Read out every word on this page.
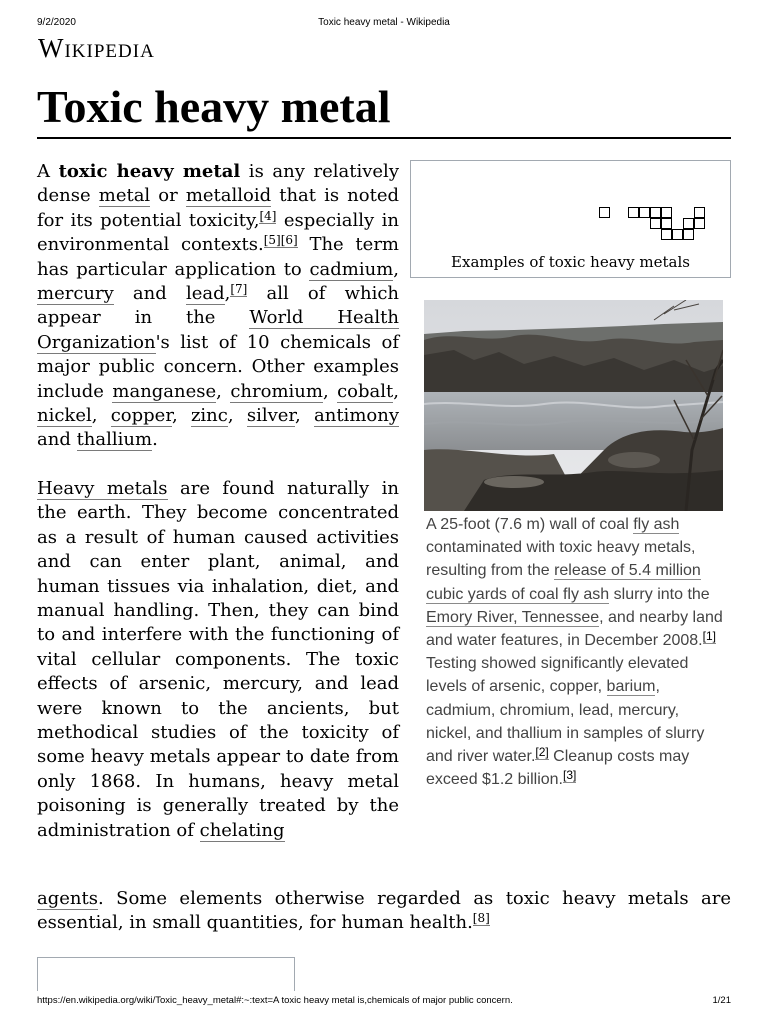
9/2/2020	Toxic heavy metal - Wikipedia
Wikipedia
Toxic heavy metal

A toxic heavy metal is any relatively dense metal or metalloid that is noted for its potential toxicity,[4] especially in environmental contexts.[5][6] The term has particular application to cadmium, mercury and lead,[7] all of which appear in the World Health Organization's list of 10 chemicals of major public concern. Other examples include manganese, chromium, cobalt, nickel, copper, zinc, silver, antimony and thallium.

Heavy metals are found naturally in the earth. They become concentrated as a result of human caused activities and can enter plant, animal, and human tissues via inhalation, diet, and manual handling. Then, they can bind to and interfere with the functioning of vital cellular components. The toxic effects of arsenic, mercury, and lead were known to the ancients, but methodical studies of the toxicity of some heavy metals appear to date from only 1868. In humans, heavy metal poisoning is generally treated by the administration of chelating

agents. Some elements otherwise regarded as toxic heavy metals are essential, in small quantities, for human health.[8]

Examples of toxic heavy metals
A 25-foot (7.6 m) wall of coal fly ash contaminated with toxic heavy metals, resulting from the release of 5.4 million cubic yards of coal fly ash slurry into the Emory River, Tennessee, and nearby land and water features, in December 2008.[1] Testing showed significantly elevated levels of arsenic, copper, barium, cadmium, chromium, lead, mercury, nickel, and thallium in samples of slurry and river water.[2] Cleanup costs may exceed $1.2 billion.[3]
https://en.wikipedia.org/wiki/Toxic_heavy_metal#:~:text=A toxic heavy metal is,chemicals of major public concern.	1/21
